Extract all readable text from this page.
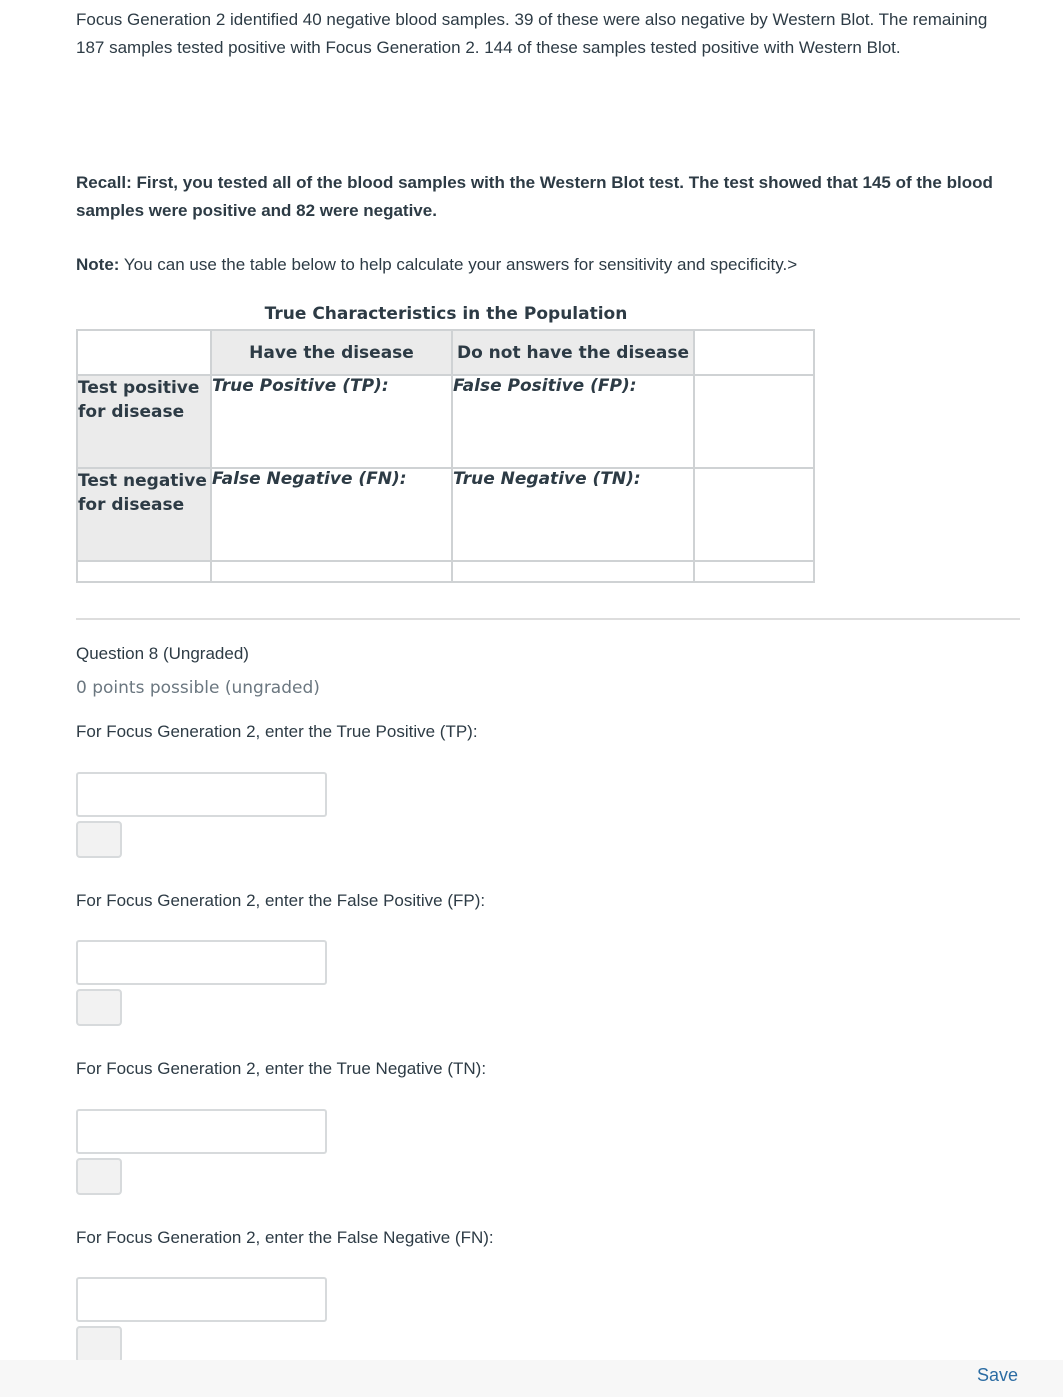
Focus Generation 2 identified 40 negative blood samples. 39 of these were also negative by Western Blot. The remaining 187 samples tested positive with Focus Generation 2. 144 of these samples tested positive with Western Blot.
Recall: First, you tested all of the blood samples with the Western Blot test. The test showed that 145 of the blood samples were positive and 82 were negative.
Note: You can use the table below to help calculate your answers for sensitivity and specificity.>
True Characteristics in the Population
	Have the disease	Do not have the disease	
Test positive for disease	True Positive (TP):	False Positive (FP):	
Test negative for disease	False Negative (FN):	True Negative (TN):	

Question 8 (Ungraded)
0 points possible (ungraded)
For Focus Generation 2, enter the True Positive (TP):
For Focus Generation 2, enter the False Positive (FP):
For Focus Generation 2, enter the True Negative (TN):
For Focus Generation 2, enter the False Negative (FN):
Save
